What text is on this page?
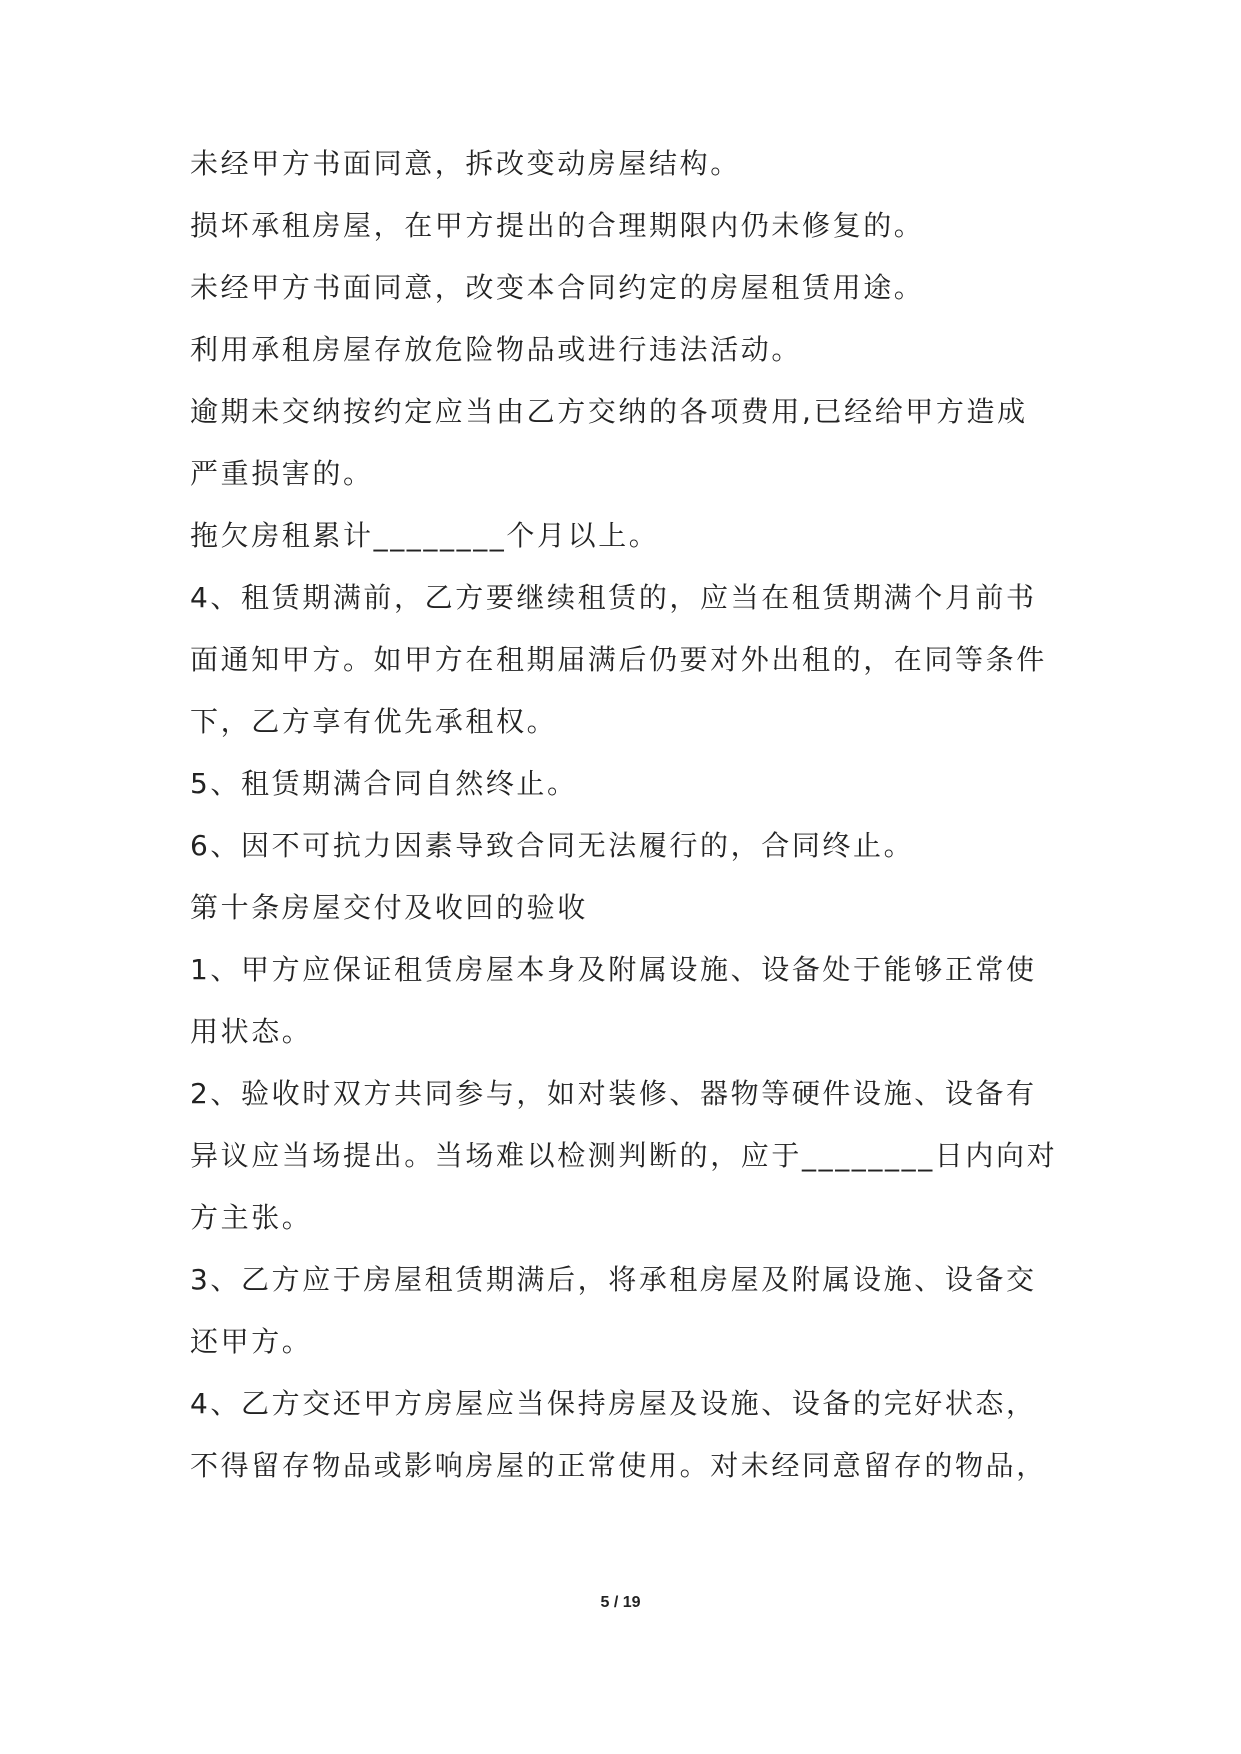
未经甲方书面同意，拆改变动房屋结构。
损坏承租房屋，在甲方提出的合理期限内仍未修复的。
未经甲方书面同意，改变本合同约定的房屋租赁用途。
利用承租房屋存放危险物品或进行违法活动。
逾期未交纳按约定应当由乙方交纳的各项费用,已经给甲方造成
严重损害的。
拖欠房租累计________个月以上。
4、租赁期满前，乙方要继续租赁的，应当在租赁期满个月前书
面通知甲方。如甲方在租期届满后仍要对外出租的，在同等条件
下，乙方享有优先承租权。
5、租赁期满合同自然终止。
6、因不可抗力因素导致合同无法履行的，合同终止。
第十条房屋交付及收回的验收
1、甲方应保证租赁房屋本身及附属设施、设备处于能够正常使
用状态。
2、验收时双方共同参与，如对装修、器物等硬件设施、设备有
异议应当场提出。当场难以检测判断的，应于________日内向对
方主张。
3、乙方应于房屋租赁期满后，将承租房屋及附属设施、设备交
还甲方。
4、乙方交还甲方房屋应当保持房屋及设施、设备的完好状态，
不得留存物品或影响房屋的正常使用。对未经同意留存的物品，
5 / 19
